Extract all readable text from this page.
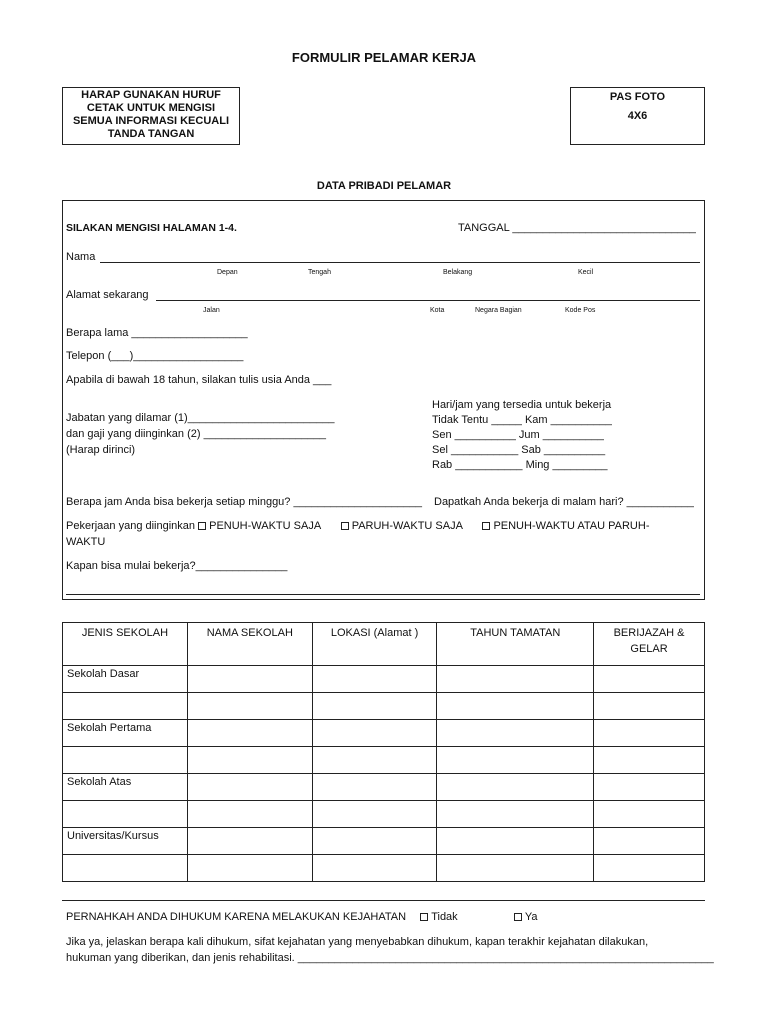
FORMULIR PELAMAR KERJA
HARAP GUNAKAN HURUF
CETAK UNTUK MENGISI
SEMUA INFORMASI KECUALI
TANDA TANGAN
PAS FOTO
4X6
DATA PRIBADI PELAMAR
SILAKAN MENGISI HALAMAN 1-4.	TANGGAL ______________________________
Nama
Depan	Tengah	Belakang	Kecil
Alamat sekarang
Jalan	Kota	Negara Bagian	Kode Pos
Berapa lama ___________________
Telepon (___)__________________
Apabila di bawah 18 tahun, silakan tulis usia Anda ___
Jabatan yang dilamar (1)________________________
dan gaji yang diinginkan (2) ____________________
(Harap dirinci)
Hari/jam yang tersedia untuk bekerja
Tidak Tentu _____ Kam __________
Sen __________ Jum __________
Sel ___________ Sab __________
Rab ___________ Ming _________
Berapa jam Anda bisa bekerja setiap minggu? _____________________ Dapatkah Anda bekerja di malam hari? ___________
Pekerjaan yang diinginkan PENUH-WAKTU SAJA	PARUH-WAKTU SAJA	PENUH-WAKTU ATAU PARUH-
WAKTU
Kapan bisa mulai bekerja?_______________
JENIS SEKOLAH	NAMA SEKOLAH	LOKASI (Alamat )	TAHUN TAMATAN	BERIJAZAH & GELAR
Sekolah Dasar				

Sekolah Pertama				

Sekolah Atas				

Universitas/Kursus				

PERNAHKAH ANDA DIHUKUM KARENA MELAKUKAN KEJAHATAN Tidak	Ya
Jika ya, jelaskan berapa kali dihukum, sifat kejahatan yang menyebabkan dihukum, kapan terakhir kejahatan dilakukan,
hukuman yang diberikan, dan jenis rehabilitasi. ____________________________________________________________________
